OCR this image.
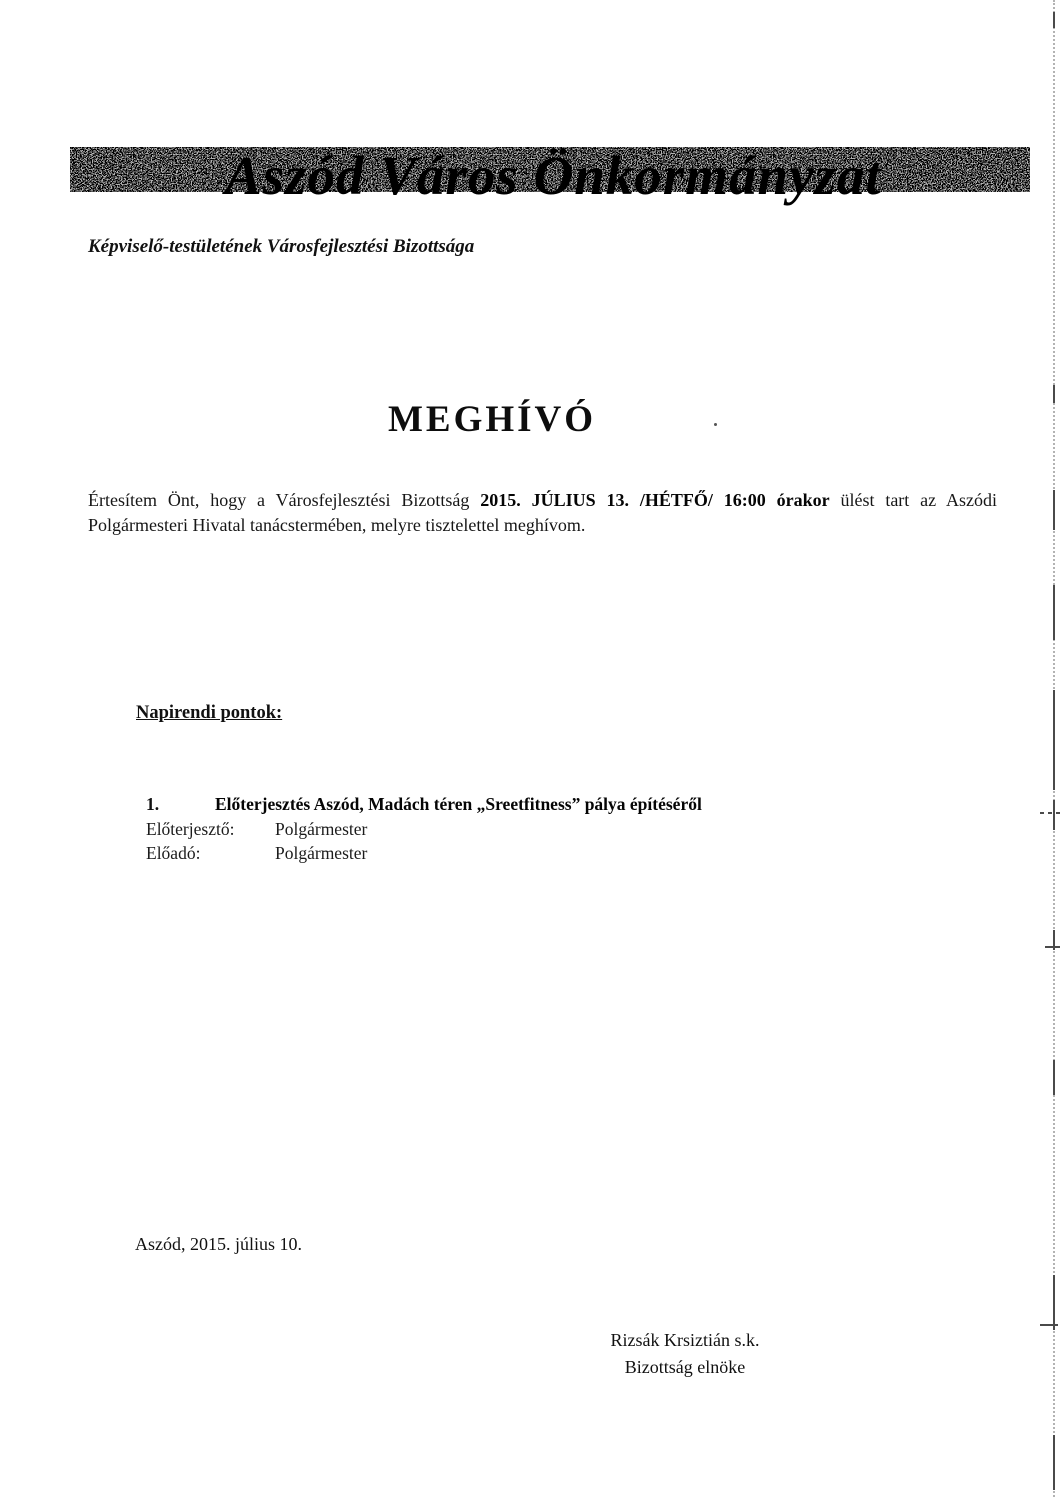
Aszód Város Önkormányzat
Képviselő-testületének Városfejlesztési Bizottsága
MEGHÍVÓ
Értesítem Önt, hogy a Városfejlesztési Bizottság 2015. JÚLIUS 13. /HÉTFŐ/ 16:00 órakor ülést tart az Aszódi Polgármesteri Hivatal tanácstermében, melyre tisztelettel meghívom.
Napirendi pontok:
1.	Előterjesztés Aszód, Madách téren „Sreetfitness” pálya építéséről
Előterjesztő: Polgármester
Előadó:	Polgármester
Aszód, 2015. július 10.
Rizsák Krsiztián s.k.
Bizottság elnöke
